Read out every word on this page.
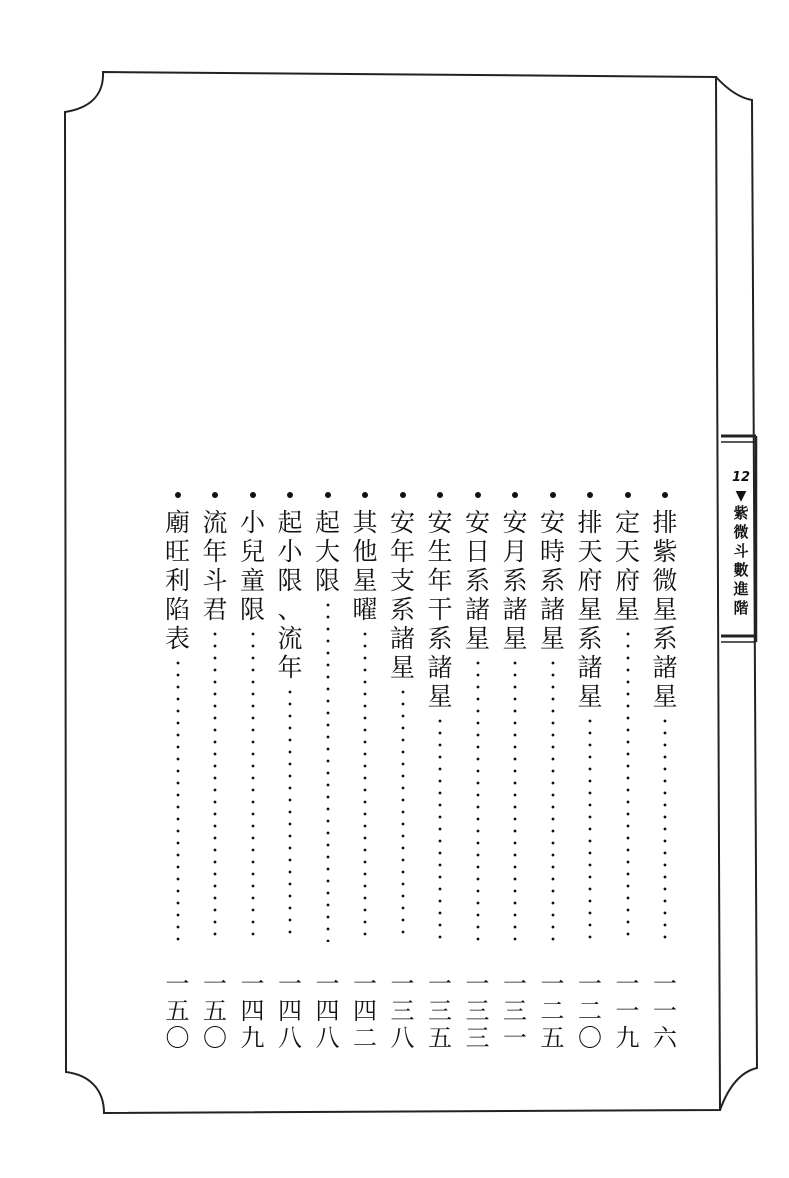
12
▼
紫
微
斗
數
進
階
排
紫
微
星
系
諸
星
一
一
六
定
天
府
星
一
一
九
排
天
府
星
系
諸
星
一
二
〇
安
時
系
諸
星
一
二
五
安
月
系
諸
星
一
三
一
安
日
系
諸
星
一
三
三
安
生
年
干
系
諸
星
一
三
五
安
年
支
系
諸
星
一
三
八
其
他
星
曜
一
四
二
起
大
限
一
四
八
起
小
限
、
流
年
一
四
八
小
兒
童
限
一
四
九
流
年
斗
君
一
五
〇
廟
旺
利
陷
表
一
五
〇
